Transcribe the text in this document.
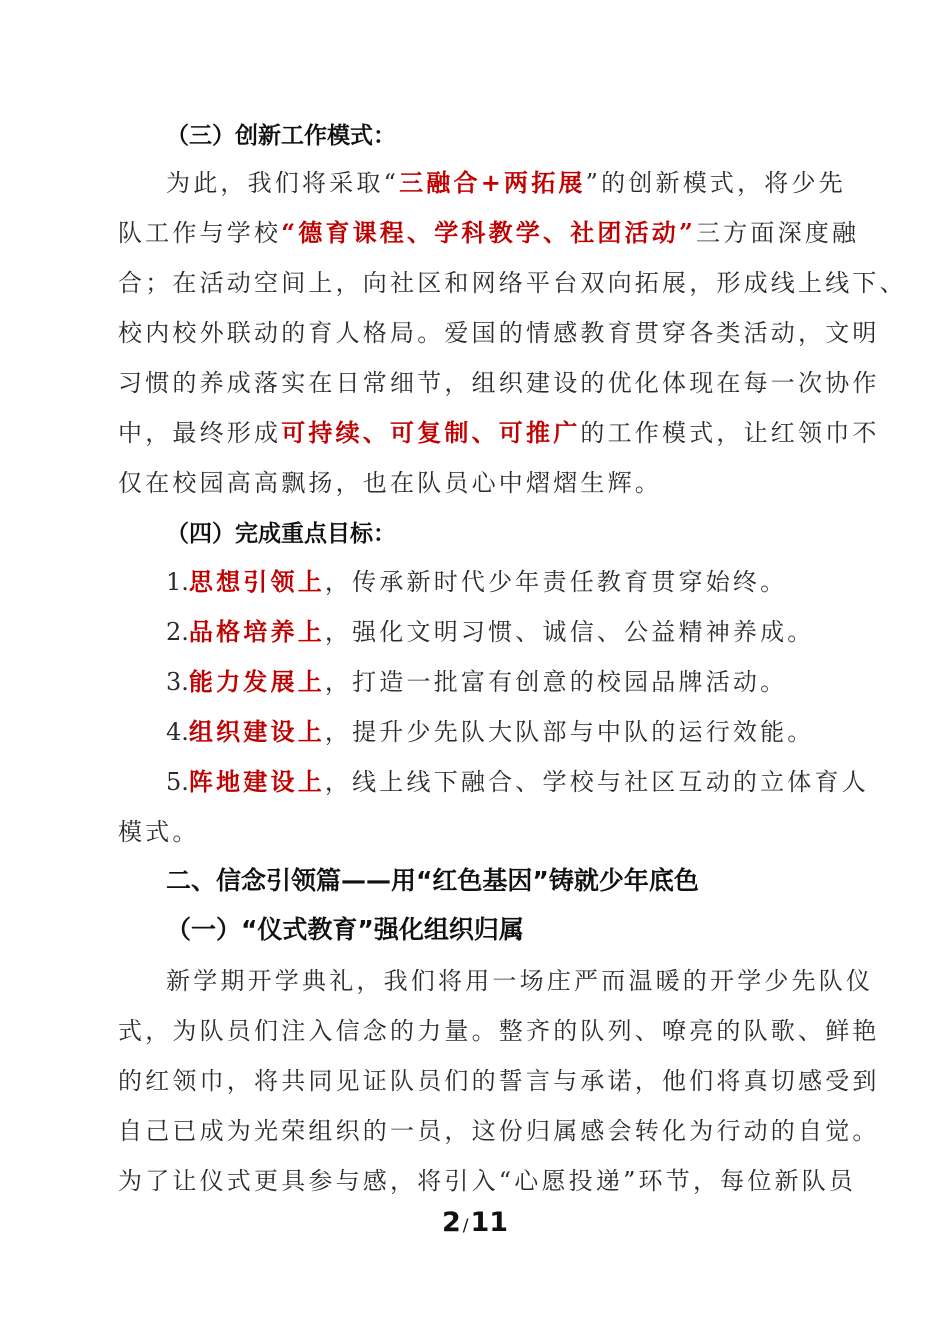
（三）创新工作模式：
为此，我们将采取“三融合+两拓展”的创新模式，将少先
队工作与学校“德育课程、学科教学、社团活动”三方面深度融
合；在活动空间上，向社区和网络平台双向拓展，形成线上线下、
校内校外联动的育人格局。爱国的情感教育贯穿各类活动，文明
习惯的养成落实在日常细节，组织建设的优化体现在每一次协作
中，最终形成可持续、可复制、可推广的工作模式，让红领巾不
仅在校园高高飘扬，也在队员心中熠熠生辉。
（四）完成重点目标：
1.思想引领上，传承新时代少年责任教育贯穿始终。
2.品格培养上，强化文明习惯、诚信、公益精神养成。
3.能力发展上，打造一批富有创意的校园品牌活动。
4.组织建设上，提升少先队大队部与中队的运行效能。
5.阵地建设上，线上线下融合、学校与社区互动的立体育人
模式。
二、信念引领篇——用“红色基因”铸就少年底色
（一）“仪式教育”强化组织归属
新学期开学典礼，我们将用一场庄严而温暖的开学少先队仪
式，为队员们注入信念的力量。整齐的队列、嘹亮的队歌、鲜艳
的红领巾，将共同见证队员们的誓言与承诺，他们将真切感受到
自己已成为光荣组织的一员，这份归属感会转化为行动的自觉。
为了让仪式更具参与感，将引入“心愿投递”环节，每位新队员
2 /11
